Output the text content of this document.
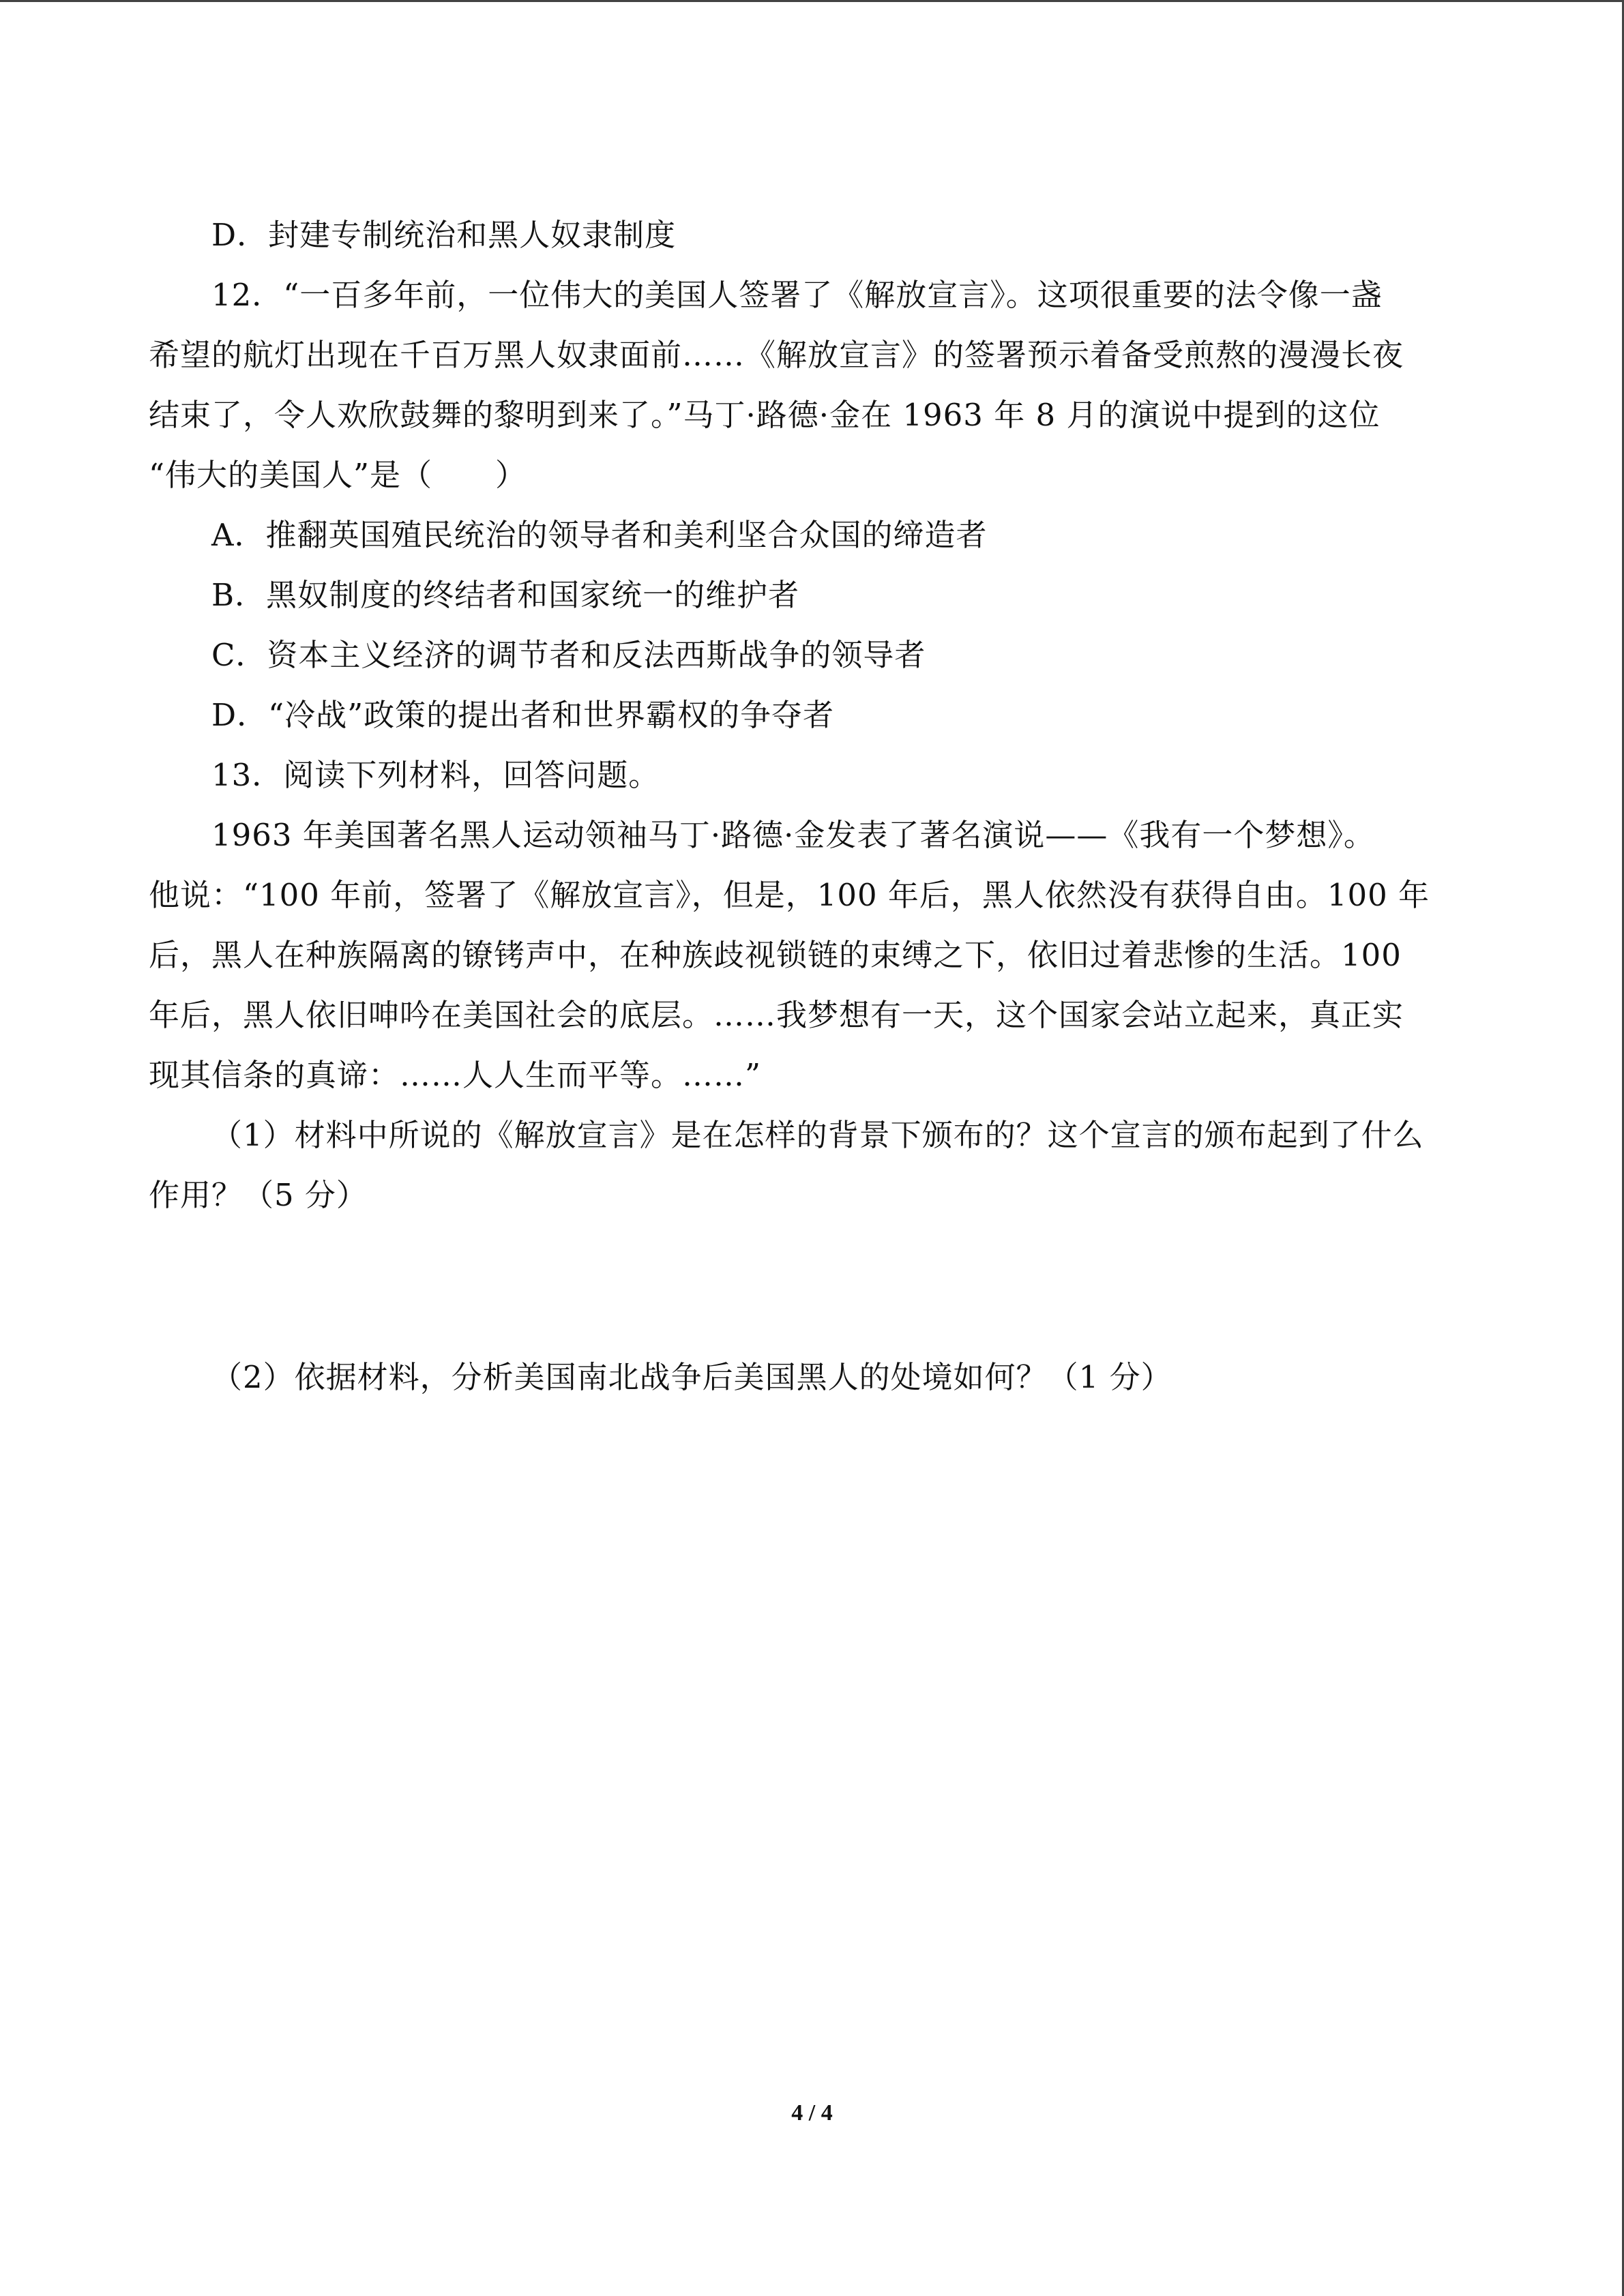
D．封建专制统治和黑人奴隶制度
12．“一百多年前，一位伟大的美国人签署了《解放宣言》。这项很重要的法令像一盏
希望的航灯出现在千百万黑人奴隶面前……《解放宣言》的签署预示着备受煎熬的漫漫长夜
结束了，令人欢欣鼓舞的黎明到来了。”马丁·路德·金在 1963 年 8 月的演说中提到的这位
“伟大的美国人”是（　　）
A．推翻英国殖民统治的领导者和美利坚合众国的缔造者
B．黑奴制度的终结者和国家统一的维护者
C．资本主义经济的调节者和反法西斯战争的领导者
D．“冷战”政策的提出者和世界霸权的争夺者
13．阅读下列材料，回答问题。
1963 年美国著名黑人运动领袖马丁·路德·金发表了著名演说——《我有一个梦想》。
他说：“100 年前，签署了《解放宣言》，但是，100 年后，黑人依然没有获得自由。100 年
后，黑人在种族隔离的镣铐声中，在种族歧视锁链的束缚之下，依旧过着悲惨的生活。100
年后，黑人依旧呻吟在美国社会的底层。……我梦想有一天，这个国家会站立起来，真正实
现其信条的真谛：……人人生而平等。……”
（1）材料中所说的《解放宣言》是在怎样的背景下颁布的？这个宣言的颁布起到了什么
作用？（5 分）
（2）依据材料，分析美国南北战争后美国黑人的处境如何？（1 分）
4 / 4
